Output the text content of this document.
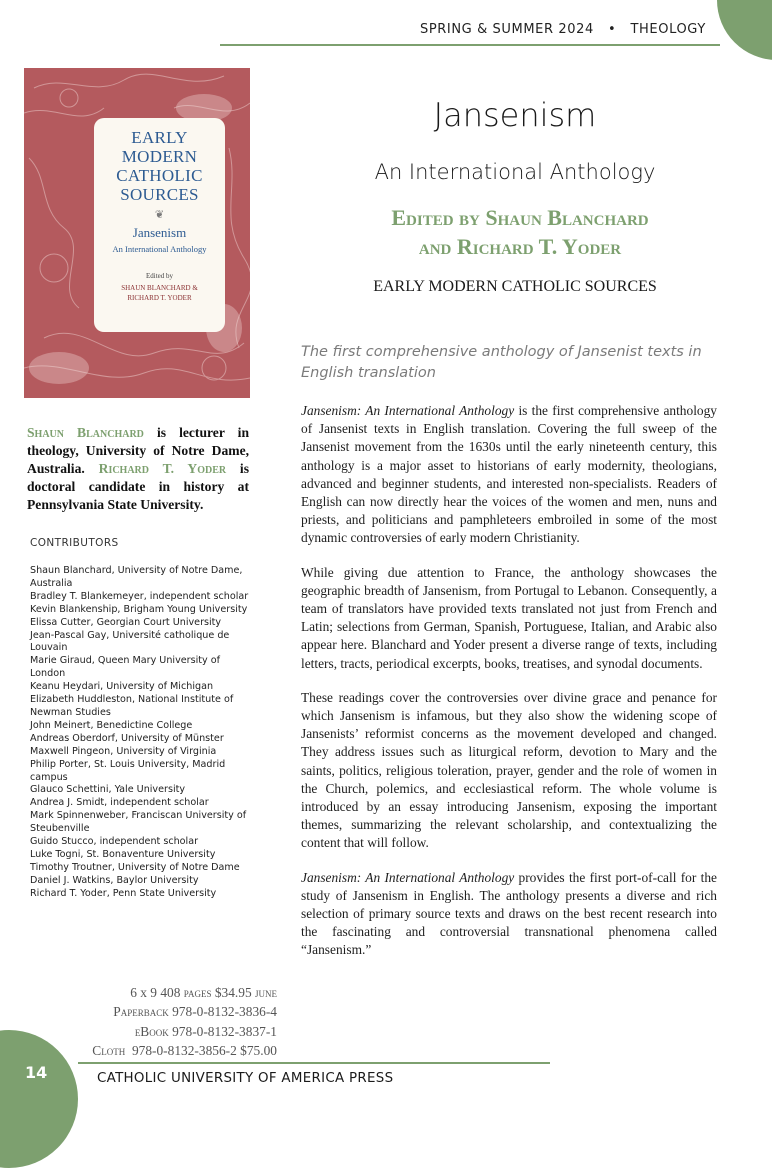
SPRING & SUMMER 2024 • THEOLOGY
EARLY
MODERN
CATHOLIC
SOURCES
❦
Jansenism
An International Anthology
Edited by
SHAUN BLANCHARD &
RICHARD T. YODER
Jansenism
An International Anthology
Edited by Shaun Blanchard
and Richard T. Yoder
EARLY MODERN CATHOLIC SOURCES
The first comprehensive anthology of Jansenist texts in English translation

Jansenism: An International Anthology is the first comprehensive anthology of Jansenist texts in English translation. Covering the full sweep of the Jansenist movement from the 1630s until the early nineteenth century, this anthology is a major asset to historians of early modernity, theologians, advanced and beginner students, and interested non-specialists. Readers of English can now directly hear the voices of the women and men, nuns and priests, and politicians and pamphleteers embroiled in some of the most dynamic controversies of early modern Christianity.

While giving due attention to France, the anthology showcases the geographic breadth of Jansenism, from Portugal to Lebanon. Consequently, a team of translators have provided texts translated not just from French and Latin; selections from German, Spanish, Portuguese, Italian, and Arabic also appear here. Blanchard and Yoder present a diverse range of texts, including letters, tracts, periodical excerpts, books, treatises, and synodal documents.

These readings cover the controversies over divine grace and penance for which Jansenism is infamous, but they also show the widening scope of Jansenists’ reformist concerns as the movement developed and changed. They address issues such as liturgical reform, devotion to Mary and the saints, politics, religious toleration, prayer, gender and the role of women in the Church, polemics, and ecclesiastical reform. The whole volume is introduced by an essay introducing Jansenism, exposing the important themes, summarizing the relevant scholarship, and contextualizing the content that will follow.

Jansenism: An International Anthology provides the first port-of-call for the study of Jansenism in English. The anthology presents a diverse and rich selection of primary source texts and draws on the best recent research into the fascinating and controversial transnational phenomena called “Jansenism.”

Shaun Blanchard is lecturer in theology, University of Notre Dame, Australia. Richard T. Yoder is doctoral candidate in history at Pennsylvania State University.
CONTRIBUTORS
Shaun Blanchard, University of Notre Dame, Australia
Bradley T. Blankemeyer, independent scholar
Kevin Blankenship, Brigham Young University
Elissa Cutter, Georgian Court University
Jean-Pascal Gay, Université catholique de Louvain
Marie Giraud, Queen Mary University of London
Keanu Heydari, University of Michigan
Elizabeth Huddleston, National Institute of Newman Studies
John Meinert, Benedictine College
Andreas Oberdorf, University of Münster
Maxwell Pingeon, University of Virginia
Philip Porter, St. Louis University, Madrid campus
Glauco Schettini, Yale University
Andrea J. Smidt, independent scholar
Mark Spinnenweber, Franciscan University of Steubenville
Guido Stucco, independent scholar
Luke Togni, St. Bonaventure University
Timothy Troutner, University of Notre Dame
Daniel J. Watkins, Baylor University
Richard T. Yoder, Penn State University
6 x 9 408 pages $34.95 june
Paperback 978-0-8132-3836-4
eBook 978-0-8132-3837-1
Cloth 978-0-8132-3856-2 $75.00
14	CATHOLIC UNIVERSITY OF AMERICA PRESS
